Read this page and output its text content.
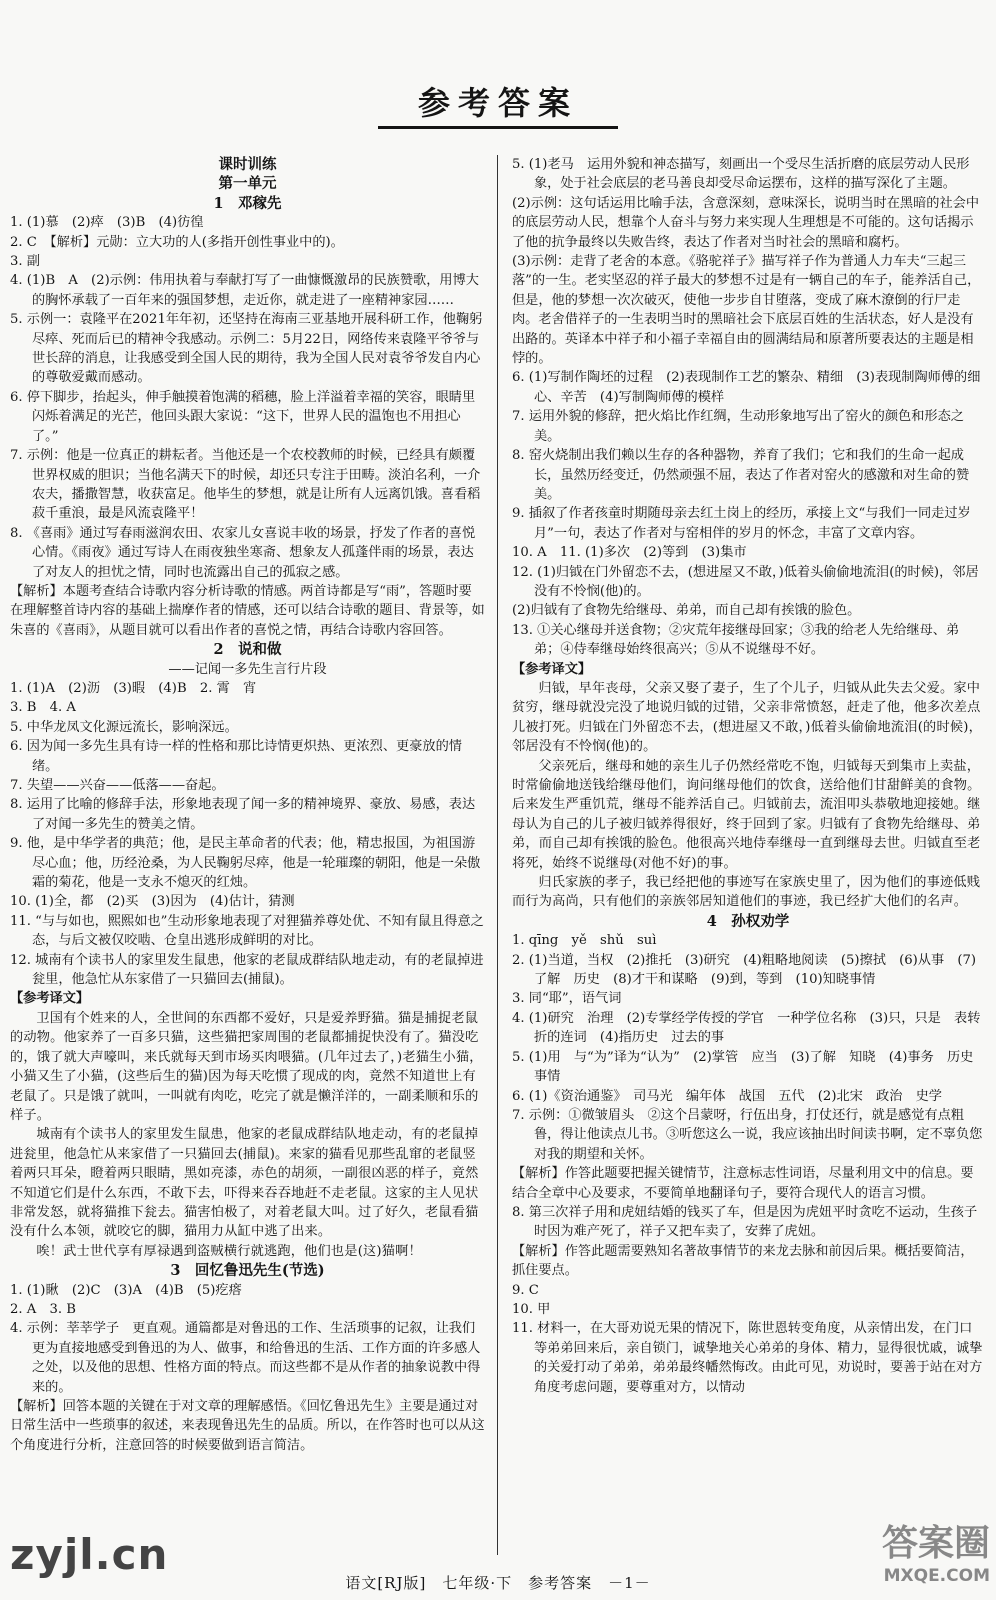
参考答案
课时训练
第一单元
1　邓稼先
1. (1)慕　(2)瘁　(3)B　(4)彷徨
2. C　【解析】元勋：立大功的人(多指开创性事业中的)。
3. 副
4. (1)B　A　(2)示例：伟用执着与奉献打写了一曲慷慨激昂的民族赞歌，用博大的胸怀承载了一百年来的强国梦想，走近你，就走进了一座精神家园……
5. 示例一：袁隆平在2021年年初，还坚持在海南三亚基地开展科研工作，他鞠躬尽瘁、死而后已的精神令我感动。示例二：5月22日，网络传来袁隆平爷爷与世长辞的消息，让我感受到全国人民的期待，我为全国人民对袁爷爷发自内心的尊敬爱戴而感动。
6. 停下脚步，抬起头，伸手触摸着饱满的稻穗，脸上洋溢着幸福的笑容，眼睛里闪烁着满足的光芒，他回头跟大家说：“这下，世界人民的温饱也不用担心了。”
7. 示例：他是一位真正的耕耘者。当他还是一个农校教师的时候，已经具有颇覆世界权威的胆识；当他名满天下的时候，却还只专注于田畴。淡泊名利，一介农夫，播撒智慧，收获富足。他毕生的梦想，就是让所有人远离饥饿。喜看稻菽千重浪，最是风流袁隆平！
8. 《喜雨》通过写春雨滋润农田、农家儿女喜说丰收的场景，抒发了作者的喜悦心情。《雨夜》通过写诗人在雨夜独坐寒斋、想象友人孤蓬伴雨的场景，表达了对友人的担忧之情，同时也流露出自己的孤寂之感。
【解析】本题考查结合诗歌内容分析诗歌的情感。两首诗都是写“雨”，答题时要在理解整首诗内容的基础上揣摩作者的情感，还可以结合诗歌的题目、背景等，如朱喜的《喜雨》，从题目就可以看出作者的喜悦之情，再结合诗歌内容回答。
2　说和做
——记闻一多先生言行片段
1. (1)A　(2)沥　(3)暇　(4)B　2. 霄　宵
3. B　4. A
5. 中华龙凤文化源远流长，影响深远。
6. 因为闻一多先生具有诗一样的性格和那比诗情更炽热、更浓烈、更豪放的情绪。
7. 失望——兴奋——低落——奋起。
8. 运用了比喻的修辞手法，形象地表现了闻一多的精神境界、豪放、易感，表达了对闻一多先生的赞美之情。
9. 他，是中华学者的典范；他，是民主革命者的代表；他，精忠报国，为祖国游尽心血；他，历经沧桑，为人民鞠躬尽瘁，他是一轮璀璨的朝阳，他是一朵傲霜的菊花，他是一支永不熄灭的红烛。
10. (1)全，都　(2)买　(3)因为　(4)估计，猜测
11. “与与如也，熙熙如也”生动形象地表现了对狸猫养尊处优、不知有鼠且得意之态，与后文被仅咬啮、仓皇出逃形成鲜明的对比。
12. 城南有个读书人的家里发生鼠患，他家的老鼠成群结队地走动，有的老鼠掉进瓮里，他急忙从东家借了一只猫回去(捕鼠)。
【参考译文】
卫国有个姓来的人，全世间的东西都不爱好，只是爱养野猫。猫是捕捉老鼠的动物。他家养了一百多只猫，这些猫把家周围的老鼠都捕捉快没有了。猫没吃的，饿了就大声嚎叫，来氏就每天到市场买肉喂猫。(几年过去了，)老猫生小猫，小猫又生了小猫，(这些后生的猫)因为每天吃惯了现成的肉，竟然不知道世上有老鼠了。只是饿了就叫，一叫就有肉吃，吃完了就是懒洋洋的，一副柔顺和乐的样子。
城南有个读书人的家里发生鼠患，他家的老鼠成群结队地走动，有的老鼠掉进瓮里，他急忙从来家借了一只猫回去(捕鼠)。来家的猫看见那些乱窜的老鼠竖着两只耳朵，瞪着两只眼睛，黑如亮漆，赤色的胡须，一副很凶恶的样子，竟然不知道它们是什么东西，不敢下去，吓得来吞吞地赶不走老鼠。这家的主人见状非常发怒，就将猫推下瓮去。猫害怕极了，对着老鼠大叫。过了好久，老鼠看猫没有什么本领，就咬它的脚，猫用力从缸中逃了出来。
唉！武士世代享有厚禄遇到盗贼横行就逃跑，他们也是(这)猫啊！
3　回忆鲁迅先生(节选)
1. (1)瞅　(2)C　(3)A　(4)B　(5)疙瘩
2. A　3. B
4. 示例：莘莘学子　更直观。通篇都是对鲁迅的工作、生活琐事的记叙，让我们更为直接地感受到鲁迅的为人、做事，和给鲁迅的生活、工作方面的许多感人之处，以及他的思想、性格方面的特点。而这些都不是从作者的抽象说教中得来的。
【解析】回答本题的关键在于对文章的理解感悟。《回忆鲁迅先生》主要是通过对日常生活中一些琐事的叙述，来表现鲁迅先生的品质。所以，在作答时也可以从这个角度进行分析，注意回答的时候要做到语言简洁。
5. (1)老马　运用外貌和神态描写，刻画出一个受尽生活折磨的底层劳动人民形象，处于社会底层的老马善良却受尽命运摆布，这样的描写深化了主题。
(2)示例：这句话运用比喻手法，含意深刻，意味深长，说明当时在黑暗的社会中的底层劳动人民，想靠个人奋斗与努力来实现人生理想是不可能的。这句话揭示了他的抗争最终以失败告终，表达了作者对当时社会的黑暗和腐朽。
(3)示例：走背了老舍的本意。《骆驼祥子》描写祥子作为普通人力车夫“三起三落”的一生。老实坚忍的祥子最大的梦想不过是有一辆自己的车子，能养活自己，但是，他的梦想一次次破灭，使他一步步自甘堕落，变成了麻木潦倒的行尸走肉。老舍借祥子的一生表明当时的黑暗社会下底层百姓的生活状态，好人是没有出路的。英译本中祥子和小福子幸福自由的圆满结局和原著所要表达的主题是相悖的。
6. (1)写制作陶坯的过程　(2)表现制作工艺的繁杂、精细　(3)表现制陶师傅的细心、辛苦　(4)写制陶师傅的模样
7. 运用外貌的修辞，把火焰比作红绸，生动形象地写出了窑火的颜色和形态之美。
8. 窑火烧制出我们赖以生存的各种器物，养育了我们；它和我们的生命一起成长，虽然历经变迁，仍然顽强不屈，表达了作者对窑火的感激和对生命的赞美。
9. 插叙了作者孩童时期随母亲去红土岗上的经历，承接上文“与我们一同走过岁月”一句，表达了作者对与窑相伴的岁月的怀念，丰富了文章内容。
10. A　11. (1)多次　(2)等到　(3)集市
12. (1)归钺在门外留恋不去，(想进屋又不敢，)低着头偷偷地流泪(的时候)，邻居没有不怜悯(他)的。
(2)归钺有了食物先给继母、弟弟，而自己却有挨饿的脸色。
13. ①关心继母并送食物；②灾荒年接继母回家；③我的给老人先给继母、弟弟；④侍奉继母始终很高兴；⑤从不说继母不好。
【参考译文】
归钺，早年丧母，父亲又娶了妻子，生了个儿子，归钺从此失去父爱。家中贫穷，继母就没完没了地说归钺的过错，父亲非常愤怒，赶走了他，他多次差点儿被打死。归钺在门外留恋不去，(想进屋又不敢，)低着头偷偷地流泪(的时候)，邻居没有不怜悯(他)的。
父亲死后，继母和她的亲生儿子仍然经常吃不饱，归钺每天到集市上卖盐，时常偷偷地送钱给继母他们，询问继母他们的饮食，送给他们甘甜鲜美的食物。后来发生严重饥荒，继母不能养活自己。归钺前去，流泪叩头恭敬地迎接她。继母认为自己的儿子被归钺养得很好，终于回到了家。归钺有了食物先给继母、弟弟，而自己却有挨饿的脸色。他很高兴地侍奉继母一直到继母去世。归钺直至老将死，始终不说继母(对他不好)的事。
归氏家族的孝子，我已经把他的事迹写在家族史里了，因为他们的事迹低贱而行为高尚，只有他们的亲族邻居知道他们的事迹，我已经扩大他们的名声。
4　孙权劝学
1. qīng　yě　shǔ　suì
2. (1)当道，当权　(2)推托　(3)研究　(4)粗略地阅读　(5)擦拭　(6)从事　(7)了解　历史　(8)才干和谋略　(9)到，等到　(10)知晓事情
3. 同“耶”，语气词
4. (1)研究　治理　(2)专掌经学传授的学官　一种学位名称　(3)只，只是　表转折的连词　(4)指历史　过去的事
5. (1)用　与“为”译为“认为”　(2)掌管　应当　(3)了解　知晓　(4)事务　历史　事情
6. (1)《资治通鉴》　司马光　编年体　战国　五代　(2)北宋　政治　史学
7. 示例：①微皱眉头　②这个吕蒙呀，行伍出身，打仗还行，就是感觉有点粗鲁，得让他读点儿书。③听您这么一说，我应该抽出时间读书啊，定不辜负您对我的期望和关怀。
【解析】作答此题要把握关键情节，注意标志性词语，尽量利用文中的信息。要结合全章中心及要求，不要简单地翻译句子，要符合现代人的语言习惯。
8. 第三次祥子用和虎妞结婚的钱买了车，但是因为虎妞平时贪吃不运动，生孩子时因为难产死了，祥子又把车卖了，安葬了虎妞。
【解析】作答此题需要熟知名著故事情节的来龙去脉和前因后果。概括要简洁，抓住要点。
9. C
10. 甲
11. 材料一，在大哥劝说无果的情况下，陈世恩转变角度，从亲情出发，在门口等弟弟回来后，亲自锁门，诚挚地关心弟弟的身体、精力，显得很忧戚，诚挚的关爱打动了弟弟，弟弟最终幡然悔改。由此可见，劝说时，要善于站在对方角度考虑问题，要尊重对方，以情动
zyjl.cn	答案圈
MXQE.COM
语文[RJ版]　七年级·下　参考答案　－1－
